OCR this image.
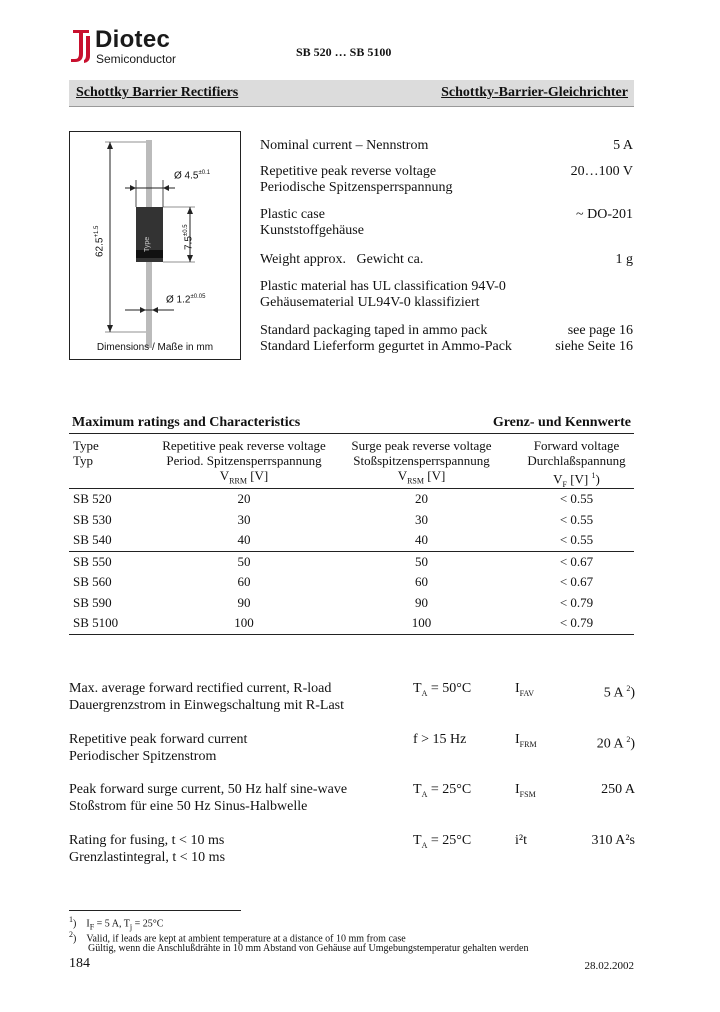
Diotec
Semiconductor	SB 520 … SB 5100
Schottky Barrier Rectifiers	Schottky-Barrier-Gleichrichter
Ø $4.5^{\pm 0.1}$
$62.5^{+1.5}$
$7.5^{\pm 0.5}$
Type
Ø $1.2^{\pm 0.05}$
Dimensions / Maße in mm
Nominal current – Nennstrom	5 A
Repetitive peak reverse voltage
Periodische Spitzensperrspannung
20…100 V
Plastic case
Kunststoffgehäuse
~ DO-201
Weight approx.   Gewicht ca.	1 g
Plastic material has UL classification 94V-0
Gehäusematerial UL94V-0 klassifiziert
Standard packaging taped in ammo pack
Standard Lieferform gegurtet in Ammo-Pack
see page 16
siehe Seite 16
Maximum ratings and Characteristics	Grenz- und Kennwerte
Type
Typ
Repetitive peak reverse voltage
Period. Spitzensperrspannung
$V_{RRM}$ [V]
Surge peak reverse voltage
Stoßspitzensperrspannung
$V_{RSM}$ [V]
Forward voltage
Durchlaßspannung
$V_F$ [V] $^1$)
SB 520	20	20	< 0.55
SB 530	30	30	< 0.55
SB 540	40	40	< 0.55
SB 550	50	50	< 0.67
SB 560	60	60	< 0.67
SB 590	90	90	< 0.79
SB 5100	100	100	< 0.79
Max. average forward rectified current, R-load
Dauergrenzstrom in Einwegschaltung mit R-Last
$T_A = 50^\circ C$	$I_{FAV}$	5 A $^2$)
Repetitive peak forward current
Periodischer Spitzenstrom
f > 15 Hz	$I_{FRM}$	20 A $^2$)
Peak forward surge current, 50 Hz half sine-wave
Stoßstrom für eine 50 Hz Sinus-Halbwelle
$T_A = 25^\circ C$	$I_{FSM}$	250 A
Rating for fusing, t < 10 ms
Grenzlastintegral, t < 10 ms
$T_A = 25^\circ C$	i²t	310 A²s
$^1$)    $I_F = 5$ A, $T_j = 25^\circ C$
$^2$)    Valid, if leads are kept at ambient temperature at a distance of 10 mm from case
Gültig, wenn die Anschlußdrähte in 10 mm Abstand von Gehäuse auf Umgebungstemperatur gehalten werden
184	28.02.2002
